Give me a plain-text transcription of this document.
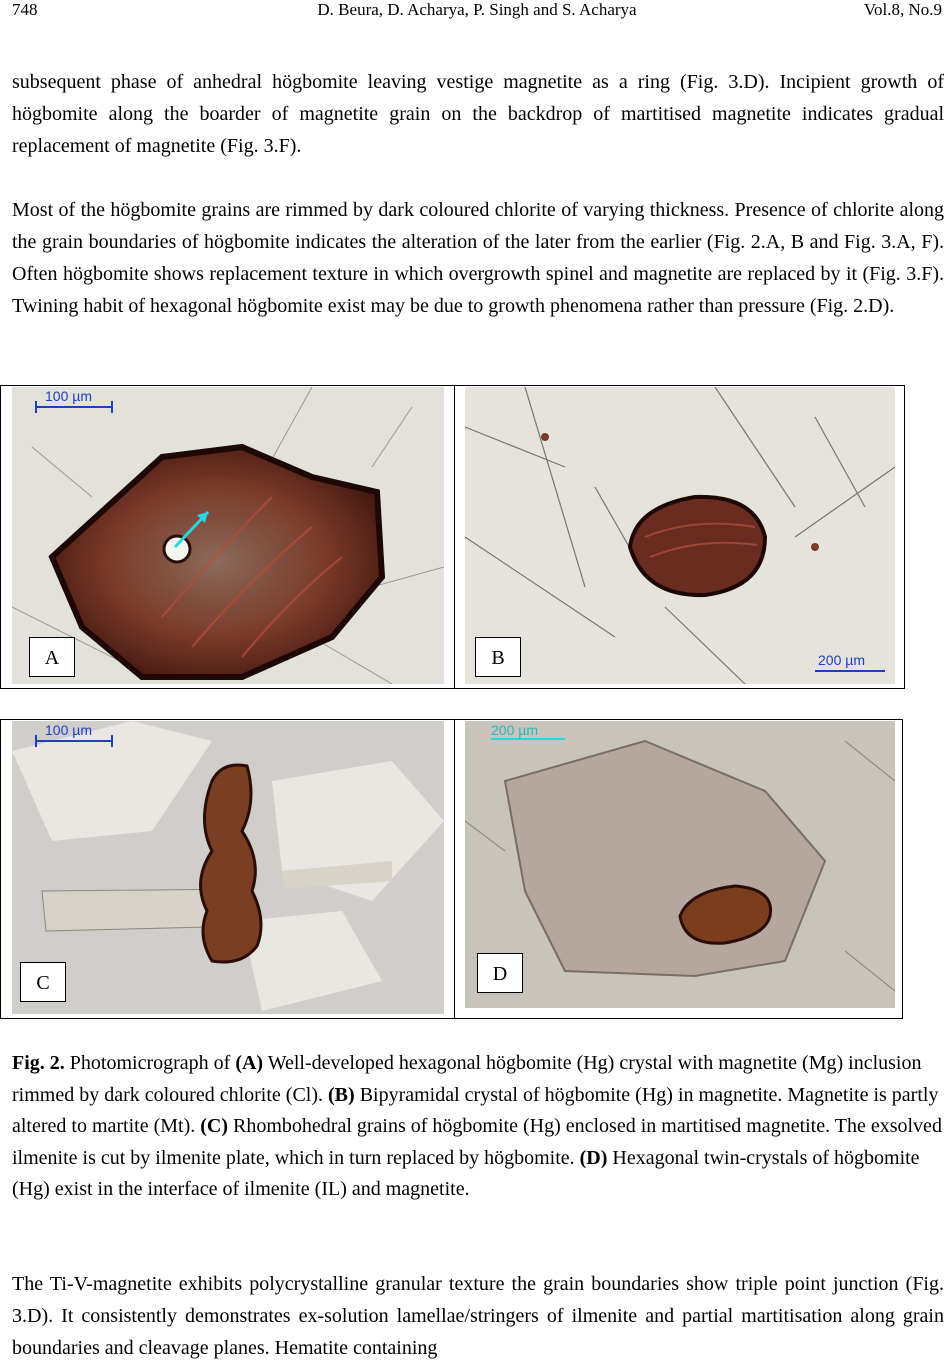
748	D. Beura, D. Acharya, P. Singh and S. Acharya	Vol.8, No.9

subsequent phase of anhedral högbomite leaving vestige magnetite as a ring (Fig. 3.D). Incipient growth of högbomite along the boarder of magnetite grain on the backdrop of martitised magnetite indicates gradual replacement of magnetite (Fig. 3.F).

Most of the högbomite grains are rimmed by dark coloured chlorite of varying thickness. Presence of chlorite along the grain boundaries of högbomite indicates the alteration of the later from the earlier (Fig. 2.A, B and Fig. 3.A, F). Often högbomite shows replacement texture in which overgrowth spinel and magnetite are replaced by it (Fig. 3.F). Twining habit of hexagonal högbomite exist may be due to growth phenomena rather than pressure (Fig. 2.D).

100 µm
A	200 µm
B
100 µm
C
200 µm
D

Fig. 2. Photomicrograph of (A) Well-developed hexagonal högbomite (Hg) crystal with magnetite (Mg) inclusion rimmed by dark coloured chlorite (Cl). (B) Bipyramidal crystal of högbomite (Hg) in magnetite. Magnetite is partly altered to martite (Mt). (C) Rhombohedral grains of högbomite (Hg) enclosed in martitised magnetite. The exsolved ilmenite is cut by ilmenite plate, which in turn replaced by högbomite. (D) Hexagonal twin-crystals of högbomite (Hg) exist in the interface of ilmenite (IL) and magnetite.

The Ti-V-magnetite exhibits polycrystalline granular texture the grain boundaries show triple point junction (Fig. 3.D). It consistently demonstrates ex-solution lamellae/stringers of ilmenite and partial martitisation along grain boundaries and cleavage planes. Hematite containing
